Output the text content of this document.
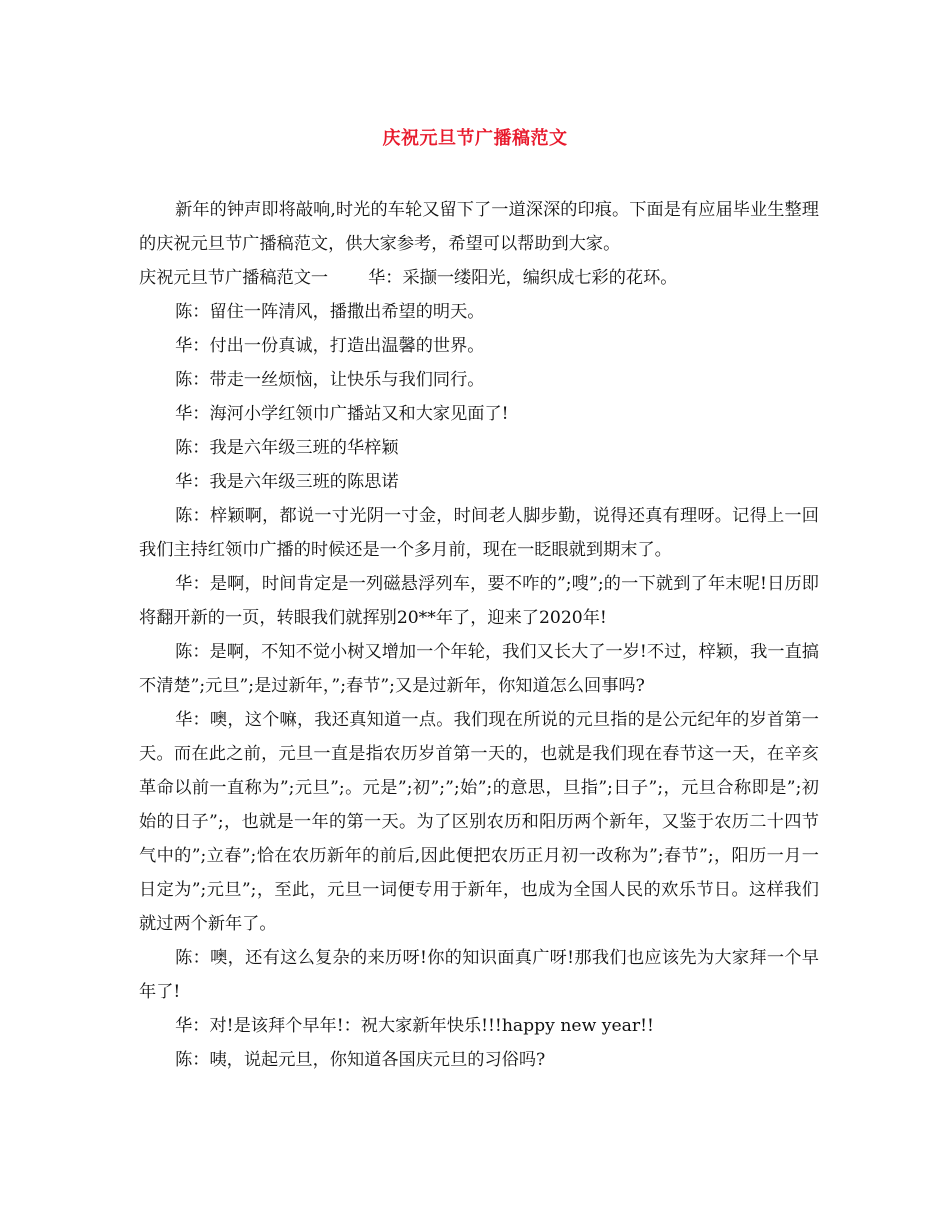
庆祝元旦节广播稿范文

新年的钟声即将敲响,时光的车轮又留下了一道深深的印痕。下面是有应届毕业生整理的庆祝元旦节广播稿范文，供大家参考，希望可以帮助到大家。

庆祝元旦节广播稿范文一 华：采撷一缕阳光，编织成七彩的花环。

陈：留住一阵清风，播撒出希望的明天。

华：付出一份真诚，打造出温馨的世界。

陈：带走一丝烦恼，让快乐与我们同行。

华：海河小学红领巾广播站又和大家见面了!

陈：我是六年级三班的华梓颖

华：我是六年级三班的陈思诺

陈：梓颖啊，都说一寸光阴一寸金，时间老人脚步勤，说得还真有理呀。记得上一回我们主持红领巾广播的时候还是一个多月前，现在一眨眼就到期末了。

华：是啊，时间肯定是一列磁悬浮列车，要不咋的”;嗖”;的一下就到了年末呢!日历即将翻开新的一页，转眼我们就挥别20**年了，迎来了2020年!

陈：是啊，不知不觉小树又增加一个年轮，我们又长大了一岁!不过，梓颖，我一直搞不清楚”;元旦”;是过新年，”;春节”;又是过新年，你知道怎么回事吗?

华：噢，这个嘛，我还真知道一点。我们现在所说的元旦指的是公元纪年的岁首第一天。而在此之前，元旦一直是指农历岁首第一天的，也就是我们现在春节这一天，在辛亥革命以前一直称为”;元旦”;。元是”;初”;”;始”;的意思，旦指”;日子”;，元旦合称即是”;初始的日子”;，也就是一年的第一天。为了区别农历和阳历两个新年，又鉴于农历二十四节气中的”;立春”;恰在农历新年的前后,因此便把农历正月初一改称为”;春节”;，阳历一月一日定为”;元旦”;，至此，元旦一词便专用于新年，也成为全国人民的欢乐节日。这样我们就过两个新年了。

陈：噢，还有这么复杂的来历呀!你的知识面真广呀!那我们也应该先为大家拜一个早年了!

华：对!是该拜个早年!：祝大家新年快乐!!!happy new year!!

陈：咦，说起元旦，你知道各国庆元旦的习俗吗?
